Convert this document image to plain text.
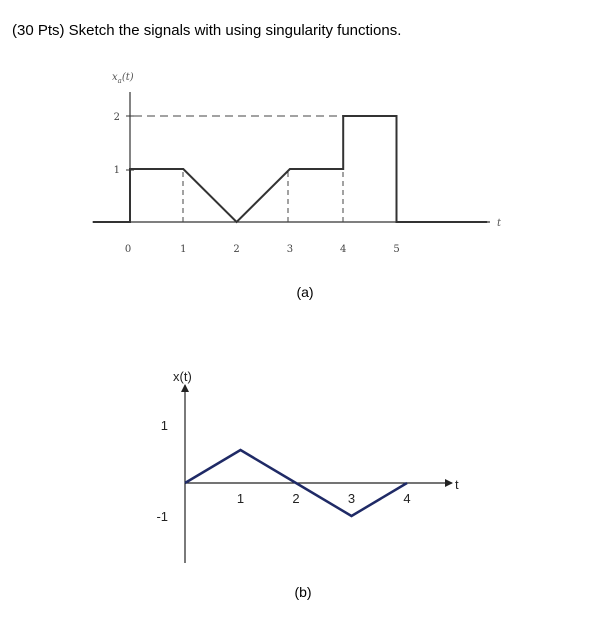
(30 Pts) Sketch the signals with using singularity functions.
$x_a(t)$
t
0	1	2	3	4	5
1
2
(a)
x(t)
t
1	2	3	4
1
-1
(b)
